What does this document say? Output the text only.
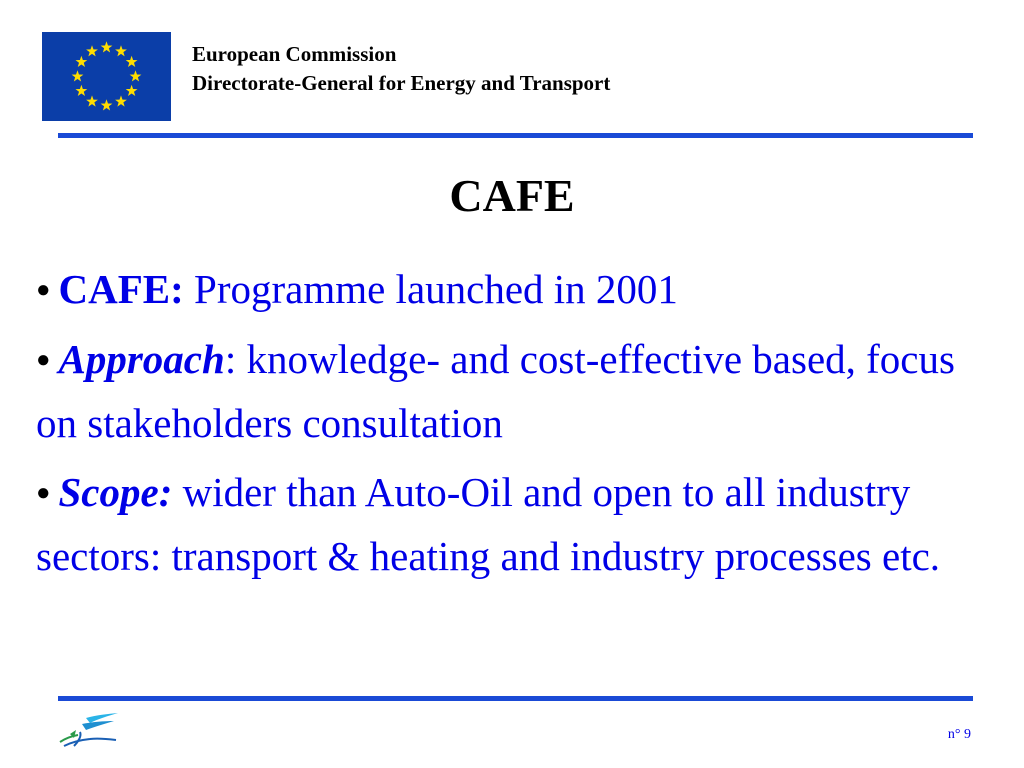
European Commission
Directorate-General for Energy and Transport
CAFE
● CAFE: Programme launched in 2001
● Approach: knowledge- and cost-effective based, focus on stakeholders consultation
● Scope: wider than Auto-Oil and open to all industry sectors: transport & heating and industry processes etc.
n° 9
